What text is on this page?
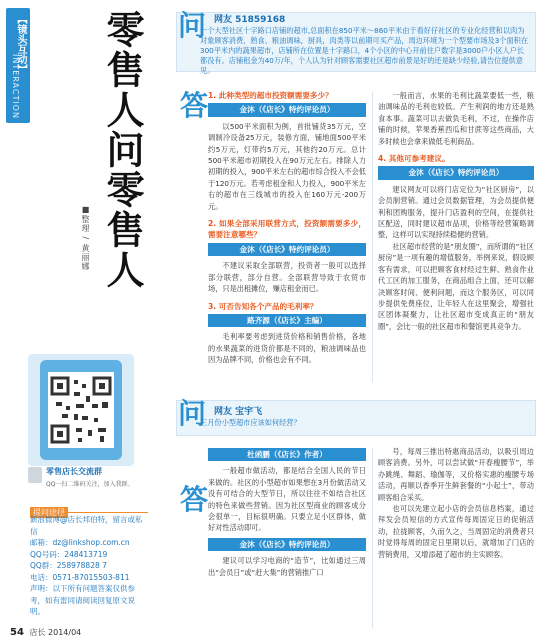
【镜头互动】
INTERACTION	零售人问零售人
■整理 / 黄丽娜
零售店长交流群
QQ一扫二维码关注，加入我群。
提问途径
新浪微博@店长邦伯特，留言或私信
邮箱：dz@linkshop.com.cn
QQ号码：248413719
QQ群：258978828 7
电话：0571-87015503-811
声明：以下所有问题答案仅供参考，如有雷同请阅读回复原文说明。
54 店长 2014/04
问 网友 51859168
一个大型社区十字路口店铺的超市,总面积在850平米～860平米由于看好仔社区的专业化经营和以肉为对象顾客消费，熟食、粮油调味，厨具，肉类等以前期可买产品，周边环境为一个型要市场及3个面积在300平米内的蔬果超市，店铺所在位置是十字路口，4个小区的中心开前住户数字是3000户小区人户长都没有。店铺租金为40万/年，个人认为针对顾客需要社区超市前景是好的还是缺少经验,请告位提供意见。
答 1. 此种类型的超市投资额需要多少？

金沐（《店长》特约评论员）

以500平米面积为例，首批铺货35万元，空调制冷设备25万元，装修方面，铺地面500平米约5万元，灯带约5万元，其他约20万元。总计500平米超市初期投入在90万元左右。排除人力初期的投入，900平米左右的超市综合投入不会低于120万元。若考虑租金和人力投入，900平米左右的超市在三线城市的投入在160万元-200万元。

2. 如果全部采用联营方式，投资额需要多少，需要注意哪些？

金沐（《店长》特约评论员）

不建议采取全部联营，投资者一般可以选择部分联营，部分自营。全部联营导致于农贸市场，只是出租摊位，赚店租金而已。

3. 可否告知各个产品的毛利率？

路齐源（《店长》主编）

毛利率要考虑到进货价格和销售价格，各地的水果蔬菜的进货价都是不同的，粮油调味品也因为品牌不同，价格也会有不同。

一般而言，水果的毛利比蔬菜要低一些，粮油调味品的毛利也较低。产生利润的地方还是熟食本事。蔬菜可以去做负毛利，不过，在操作店铺的时候，苹果香蕉西瓜和甘蔗等这些商品，大多时候也会拿来做低毛利商品。

4. 其他可参考建议。

金沐（《店长》特约评论员）

建议网友可以将门店定位为“社区厨房”，以会员制营销。通过会员数据管理，为会员提供便利和团购服务，提升门店盈利的空间，在提供社区配送，同时建议超市品项，价格等经营策略调整，这样可以实现持续稳健的营销。

社区超市经营的是“朋友圈”，而所谓的“社区厨房”是一项有趣的增值服务，举例来说，假设顾客有需求，可以把顾客食材经过生鲜、熟食作业代工区的加工服务，在商品组合上面，还可以解决顾客时间、便利问题，而这个服务区，可以同步提供免费座位，让年轻人在这里聚会，增强社区团体凝聚力，让社区超市变成真正的“朋友圈”，会比一般的社区超市和餐馆更具竞争力。

问 网友 宝宇飞
三月份小型超市应该如何经营？
答
杜函鹏（《店长》作者）

一般超市做活动，都是结合全国人民的节日来做的。社区的小型超市如果想在3月份做活动又没有可结合的大型节日，所以往往不如结合社区的特色来做些营销。因为社区型商业的顾客成分会很单一，目标很明确。只要立足小区群体，做好对性活动即可。

金沐（《店长》特约评论员）

建议可以学习电商的“造节”，比如通过三周出“会员日”或“赶大集”的营销推广口

号，每周三推出特惠商品活动，以吸引周边顾客消费。另外，可以尝试做“开春瘦腰节”，举办跳绳、舞蹈、瑜伽等，又价格实惠的瘦腰专场活动，再顺以香季开生鲜套餐的“小起士”，带动顾客组合采买。

也可以先建立起小店的会员信息档案，通过拜发会员短信的方式宣传每周固定日的促销活动，拉拢顾客，久而久之，当周固定的消费者只时觉得每周的固定日里期以后，就增加了门店的营销费用，又增添超了超市的主实顾客。
